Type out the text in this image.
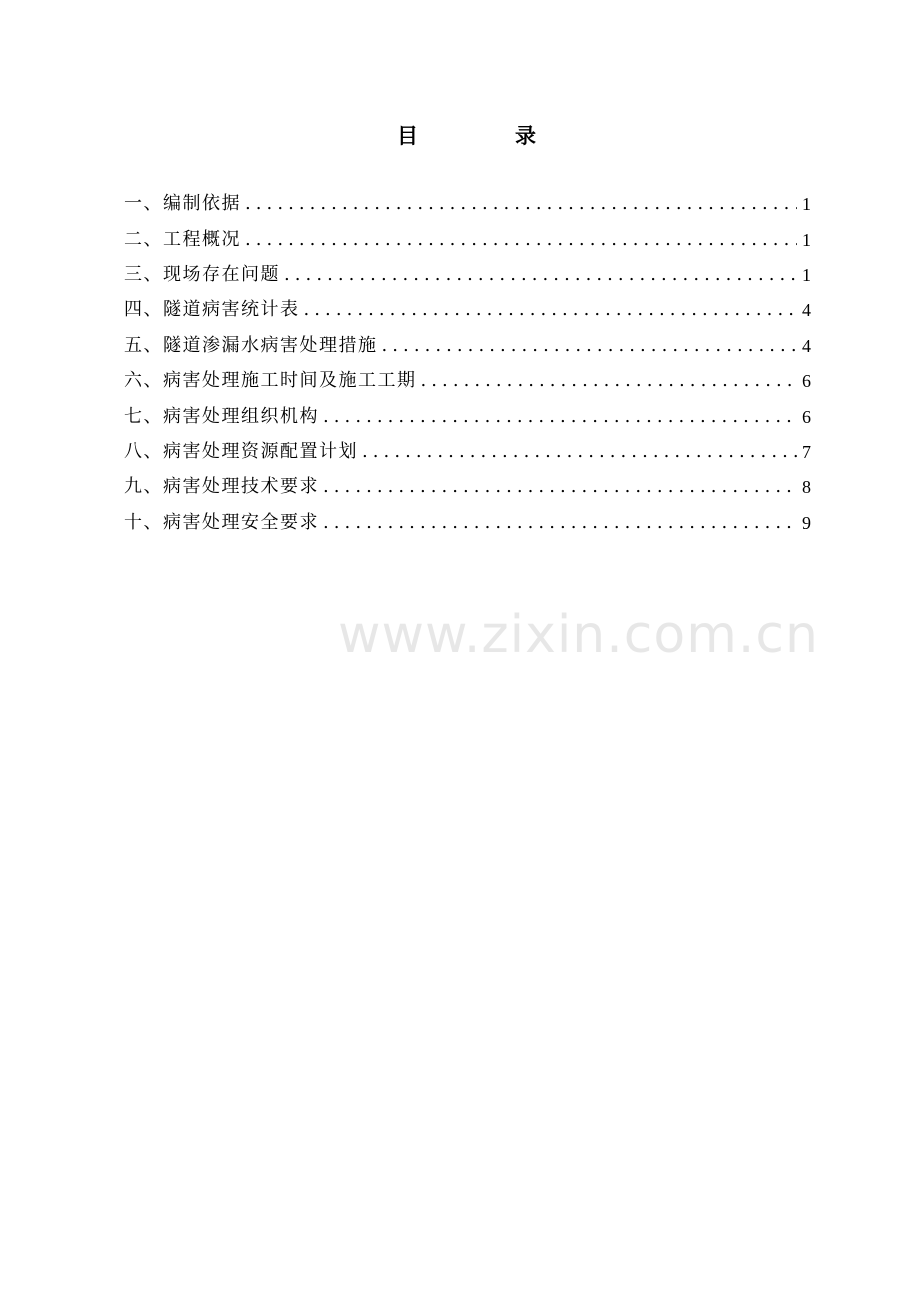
目	录
一、编制依据 .....	1
二、工程概况 .....	1
三、现场存在问题 .....	1
四、隧道病害统计表 .....	4
五、隧道渗漏水病害处理措施 .....	4
六、病害处理施工时间及施工工期 .....	6
七、病害处理组织机构 .....	6
八、病害处理资源配置计划 .....	7
九、病害处理技术要求 .....	8
十、病害处理安全要求 .....	9
www.zixin.com.cn
